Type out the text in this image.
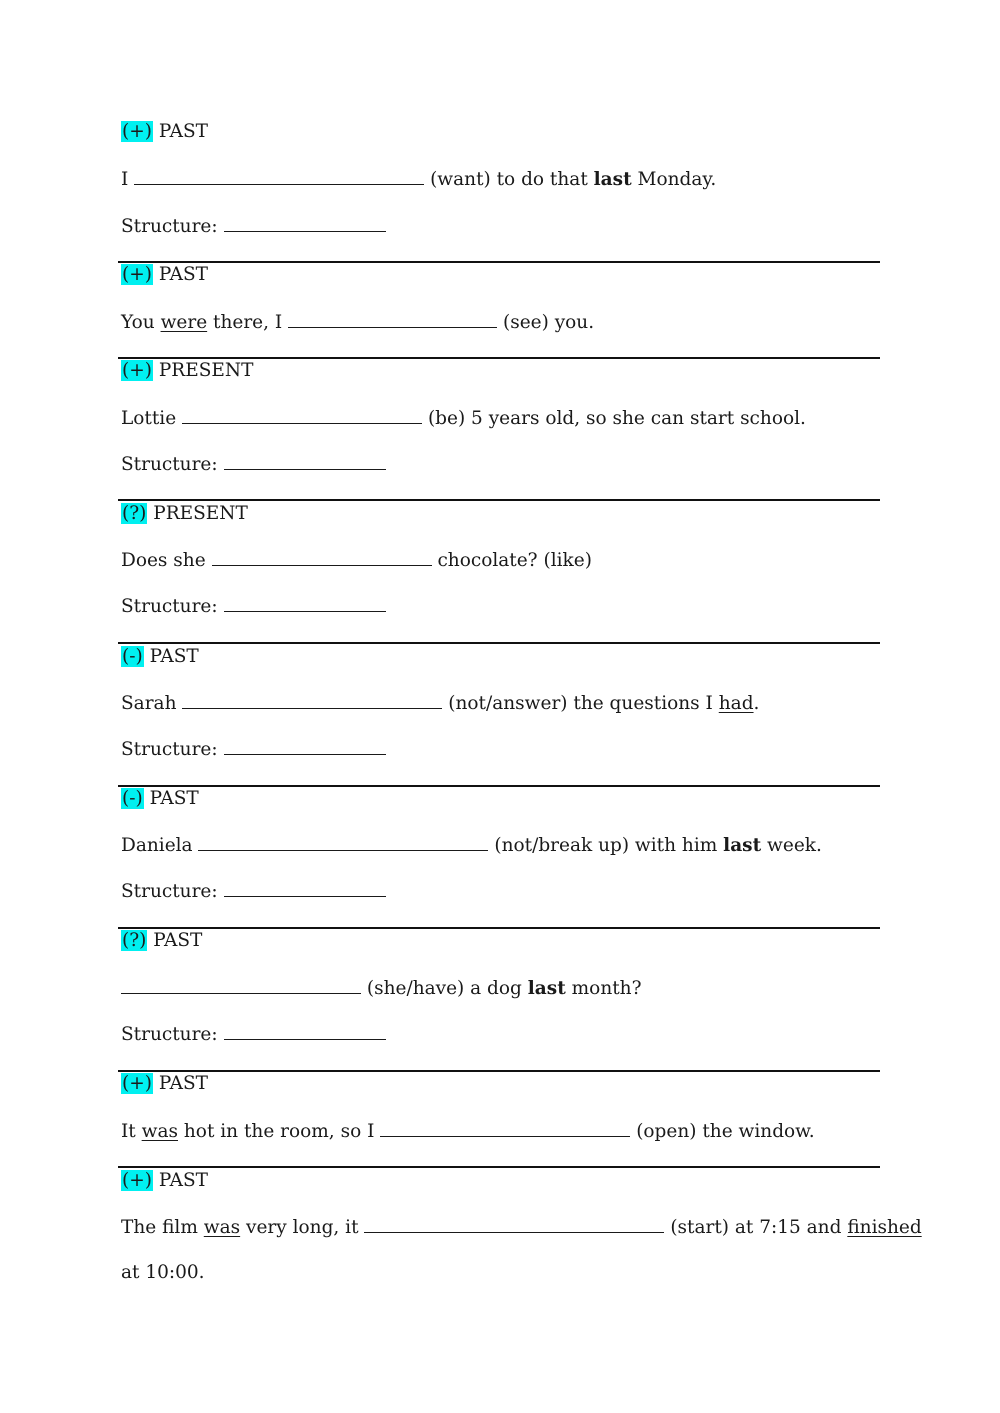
(+) PAST
I	(want) to do that last Monday.
Structure:
(+) PAST
You were there, I	(see) you.
(+) PRESENT
Lottie	(be) 5 years old, so she can start school.
Structure:
(?) PRESENT
Does she	chocolate? (like)
Structure:
(-) PAST
Sarah	(not/answer) the questions I had.
Structure:
(-) PAST
Daniela	(not/break up) with him last week.
Structure:
(?) PAST
(she/have) a dog last month?
Structure:
(+) PAST
It was hot in the room, so I	(open) the window.
(+) PAST
The film was very long, it	(start) at 7:15 and finished
at 10:00.
